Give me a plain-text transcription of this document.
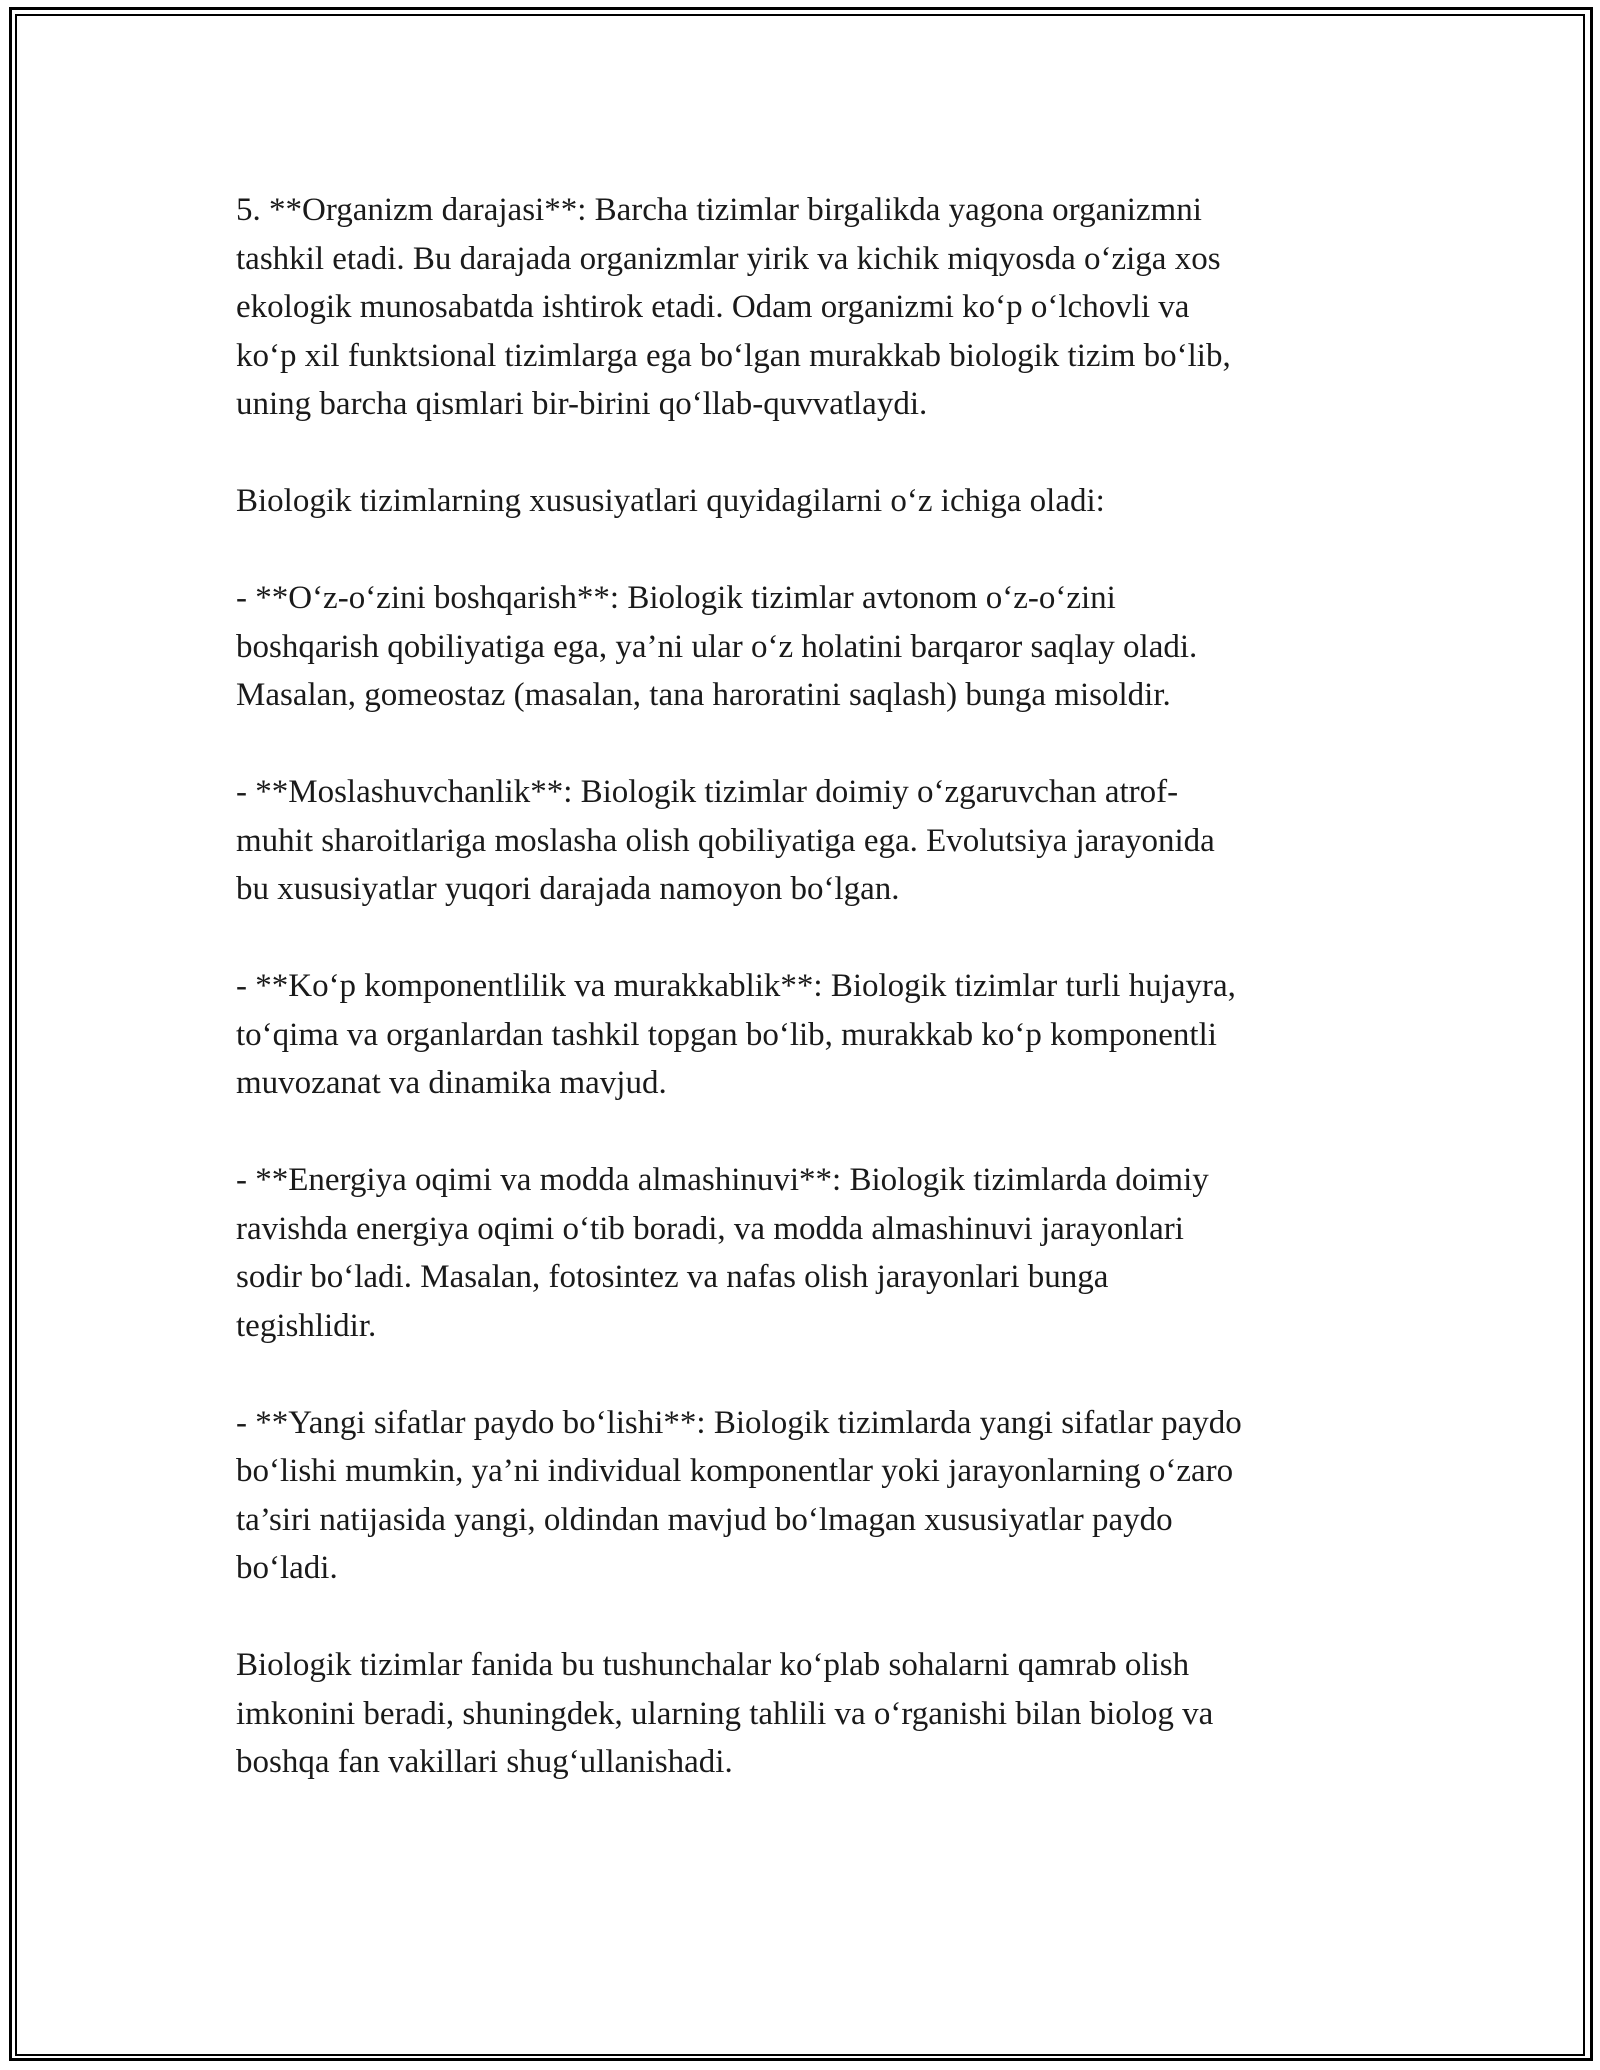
5. **Organizm darajasi**: Barcha tizimlar birgalikda yagona organizmni
tashkil etadi. Bu darajada organizmlar yirik va kichik miqyosda oʻziga xos
ekologik munosabatda ishtirok etadi. Odam organizmi koʻp oʻlchovli va
koʻp xil funktsional tizimlarga ega boʻlgan murakkab biologik tizim boʻlib,
uning barcha qismlari bir-birini qoʻllab-quvvatlaydi.

Biologik tizimlarning xususiyatlari quyidagilarni oʻz ichiga oladi:

- **Oʻz-oʻzini boshqarish**: Biologik tizimlar avtonom oʻz-oʻzini
boshqarish qobiliyatiga ega, ya’ni ular oʻz holatini barqaror saqlay oladi.
Masalan, gomeostaz (masalan, tana haroratini saqlash) bunga misoldir.

- **Moslashuvchanlik**: Biologik tizimlar doimiy oʻzgaruvchan atrof-
muhit sharoitlariga moslasha olish qobiliyatiga ega. Evolutsiya jarayonida
bu xususiyatlar yuqori darajada namoyon boʻlgan.

- **Koʻp komponentlilik va murakkablik**: Biologik tizimlar turli hujayra,
toʻqima va organlardan tashkil topgan boʻlib, murakkab koʻp komponentli
muvozanat va dinamika mavjud.

- **Energiya oqimi va modda almashinuvi**: Biologik tizimlarda doimiy
ravishda energiya oqimi oʻtib boradi, va modda almashinuvi jarayonlari
sodir boʻladi. Masalan, fotosintez va nafas olish jarayonlari bunga
tegishlidir.

- **Yangi sifatlar paydo boʻlishi**: Biologik tizimlarda yangi sifatlar paydo
boʻlishi mumkin, ya’ni individual komponentlar yoki jarayonlarning oʻzaro
ta’siri natijasida yangi, oldindan mavjud boʻlmagan xususiyatlar paydo
boʻladi.

Biologik tizimlar fanida bu tushunchalar koʻplab sohalarni qamrab olish
imkonini beradi, shuningdek, ularning tahlili va oʻrganishi bilan biolog va
boshqa fan vakillari shugʻullanishadi.
